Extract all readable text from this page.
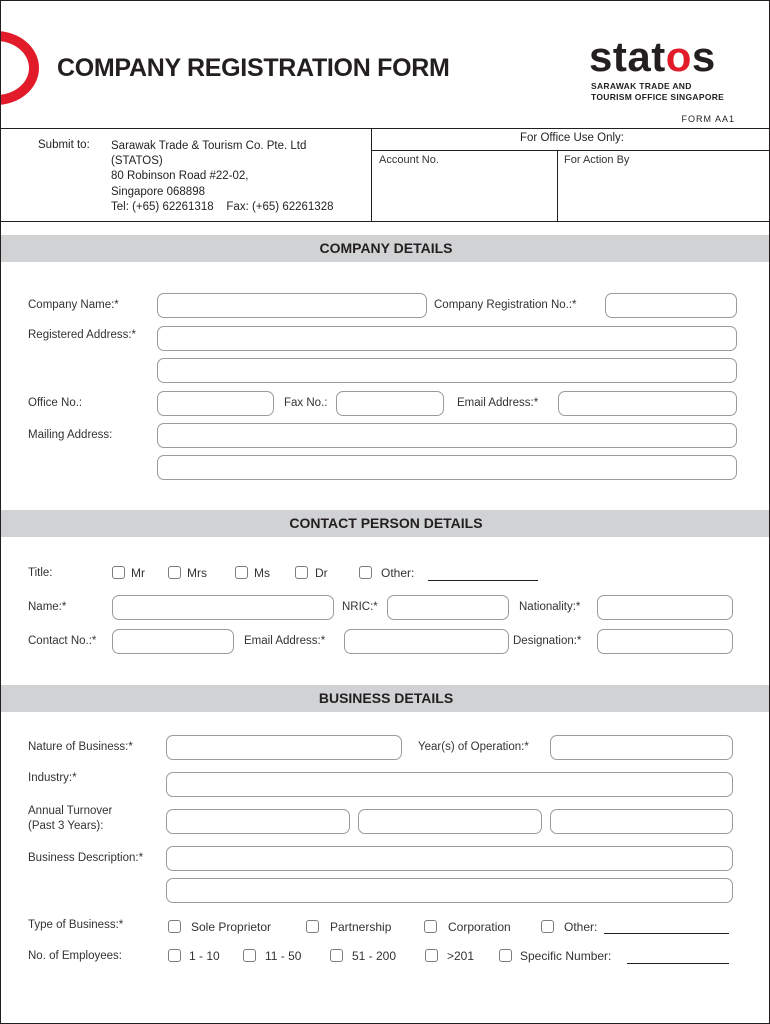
COMPANY REGISTRATION FORM	statos
SARAWAK TRADE AND
TOURISM OFFICE SINGAPORE
FORM AA1
Submit to: Sarawak Trade & Tourism Co. Pte. Ltd
(STATOS)
80 Robinson Road #22-02,
Singapore 068898
Tel: (+65) 62261318    Fax: (+65) 62261328
For Office Use Only:
Account No.	For Action By
COMPANY DETAILS
Company Name:*	Company Registration No.:*
Registered Address:*
Office No.:	Fax No.:	Email Address:*
Mailing Address:
CONTACT PERSON DETAILS
Title:	Mr	Mrs	Ms	Dr	Other:
Name:*	NRIC:*	Nationality:*
Contact No.:*	Email Address:*	Designation:*
BUSINESS DETAILS
Nature of Business:*	Year(s) of Operation:*
Industry:*
Annual Turnover
(Past 3 Years):
Business Description:*
Type of Business:*	Sole Proprietor	Partnership	Corporation	Other:
No. of Employees:	1 - 10	11 - 50	51 - 200	>201	Specific Number:
